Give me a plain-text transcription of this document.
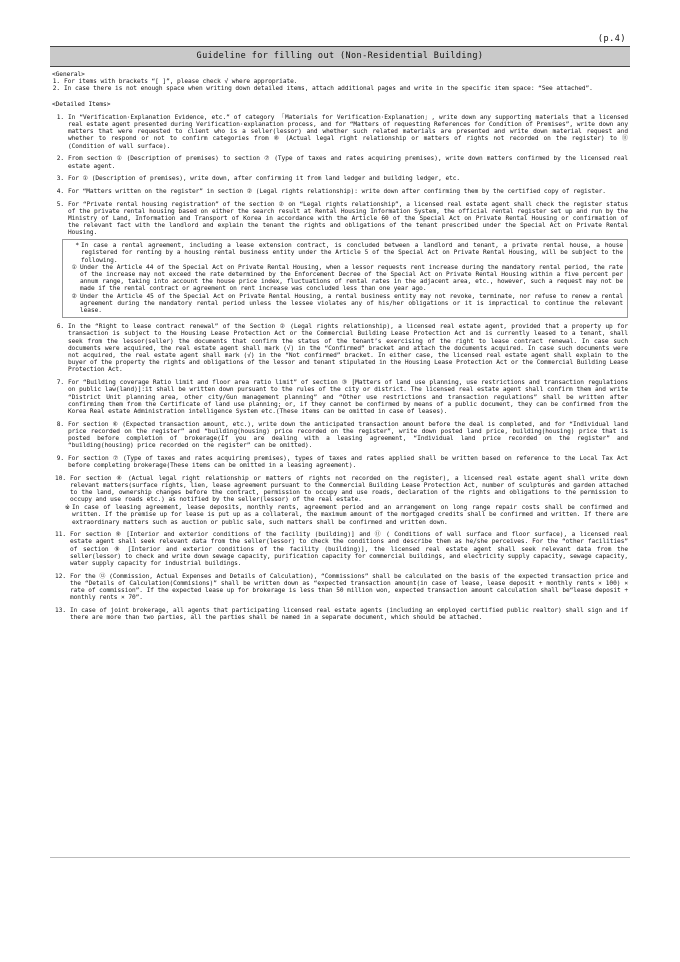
(p.4)
Guideline for filling out (Non-Residential Building)
<General>
1. For items with brackets “[ ]”, please check √ where appropriate.
2. In case there is not enough space when writing down detailed items, attach additional pages and write in the specific item space: “See attached”.
<Detailed Items>
1. In “Verification·Explanation Evidence, etc.” of category 「Materials for Verification·Explanation」, write down any supporting materials that a licensed real estate agent presented during Verification·explanation process, and for “Matters of requesting References for Condition of Premises”, write down any matters that were requested to client who is a seller(lessor) and whether such related materials are presented and write down material request and whether to respond or not to confirm categories from ⑧ (Actual legal right relationship or matters of rights not recorded on the register) to ⑪ (Condition of wall surface).
2. From section ① (Description of premises) to section ⑦ (Type of taxes and rates acquiring premises), write down matters confirmed by the licensed real estate agent.
3. For ① (Description of premises), write down, after confirming it from land ledger and building ledger, etc.
4. For “Matters written on the register” in section ② (Legal rights relationship): write down after confirming them by the certified copy of register.
5. For “Private rental housing registration” of the section ② on “Legal rights relationship”, a licensed real estate agent shall check the register status of the private rental housing based on either the search result at Rental Housing Information System, the official rental register set up and run by the Ministry of Land, Information and Transport of Korea in accordance with the Article 60 of the Special Act on Private Rental Housing or confirmation of the relevant fact with the landlord and explain the tenant the rights and obligations of the tenant prescribed under the Special Act on Private Rental Housing.
* In case a rental agreement, including a lease extension contract, is concluded between a landlord and tenant, a private rental house, a house registered for renting by a housing rental business entity under the Article 5 of the Special Act on Private Rental Housing, will be subject to the following.
① Under the Article 44 of the Special Act on Private Rental Housing, when a lessor requests rent increase during the mandatory rental period, the rate of the increase may not exceed the rate determined by the Enforcement Decree of the Special Act on Private Rental Housing within a five percent per annum range, taking into account the house price index, fluctuations of rental rates in the adjacent area, etc., however, such a request may not be made if the rental contract or agreement on rent increase was concluded less than one year ago.
② Under the Article 45 of the Special Act on Private Rental Housing, a rental business entity may not revoke, terminate, nor refuse to renew a rental agreement during the mandatory rental period unless the lessee violates any of his/her obligations or it is impractical to continue the relevant lease.
6. In the “Right to lease contract renewal” of the Section ② (Legal rights relationship), a licensed real estate agent, provided that a property up for transaction is subject to the Housing Lease Protection Act or the Commercial Building Lease Protection Act and is currently leased to a tenant, shall seek from the lessor(seller) the documents that confirm the status of the tenant’s exercising of the right to lease contract renewal. In case such documents were acquired, the real estate agent shall mark (√) in the “Confirmed” bracket and attach the documents acquired. In case such documents were not acquired, the real estate agent shall mark (√) in the “Not confirmed” bracket. In either case, the licensed real estate agent shall explain to the buyer of the property the rights and obligations of the lessor and tenant stipulated in the Housing Lease Protection Act or the Commercial Building Lease Protection Act.
7. For “Building coverage Ratio limit and floor area ratio limit” of section ③ [Matters of land use planning, use restrictions and transaction regulations on public law(land)]:it shall be written down pursuant to the rules of the city or district. The licensed real estate agent shall confirm them and write “District Unit planning area, other city/Gun management planning” and “Other use restrictions and transaction regulations” shall be written after confirming them from the Certificate of land use planning; or, if they cannot be confirmed by means of a public document, they can be confirmed from the Korea Real estate Administration intelligence System etc.(These items can be omitted in case of leases).
8. For section ⑥ (Expected transaction amount, etc.), write down the anticipated transaction amount before the deal is completed, and for “Individual land price recorded on the register” and “building(housing) price recorded on the register”, write down posted land price, building(housing) price that is posted before completion of brokerage(If you are dealing with a leasing agreement, “Individual land price recorded on the register” and “building(housing) price recorded on the register” can be omitted).
9. For section ⑦ (Type of taxes and rates acquiring premises), types of taxes and rates applied shall be written based on reference to the Local Tax Act before completing brokerage(These items can be omitted in a leasing agreement).
10. For section ⑧ (Actual legal right relationship or matters of rights not recorded on the register), a licensed real estate agent shall write down relevant matters(surface rights, lien, lease agreement pursuant to the Commercial Building Lease Protection Act, number of sculptures and garden attached to the land, ownership changes before the contract, permission to occupy and use roads, declaration of the rights and obligations to the permission to occupy and use roads etc.) as notified by the seller(lessor) of the real estate.
※ In case of leasing agreement, lease deposits, monthly rents, agreement period and an arrangement on long range repair costs shall be confirmed and written. If the premise up for lease is put up as a collateral, the maximum amount of the mortgaged credits shall be confirmed and written. If there are extraordinary matters such as auction or public sale, such matters shall be confirmed and written down.
11. For section ⑨ [Interior and exterior conditions of the facility (building)] and ⑪ ( Conditions of wall surface and floor surface), a licensed real estate agent shall seek relevant data from the seller(lessor) to check the conditions and describe them as he/she perceives. For the “other facilities” of section ⑨ [Interior and exterior conditions of the facility (building)], the licensed real estate agent shall seek relevant data from the seller(lessor) to check and write down sewage capacity, purification capacity for commercial buildings, and electricity supply capacity, sewage capacity, water supply capacity for industrial buildings.
12. For the ⑫ (Commission, Actual Expenses and Details of Calculation), “Commissions” shall be calculated on the basis of the expected transaction price and the “Details of Calculation(Commisions)” shall be written down as “expected transaction amount(in case of lease, lease deposit + monthly rents × 100) × rate of commission”. If the expected lease up for brokerage is less than 50 million won, expected transaction amount calculation shall be“lease deposit + monthly rents × 70”.
13. In case of joint brokerage, all agents that participating licensed real estate agents (including an employed certified public realtor) shall sign and if there are more than two parties, all the parties shall be named in a separate document, which should be attached.
